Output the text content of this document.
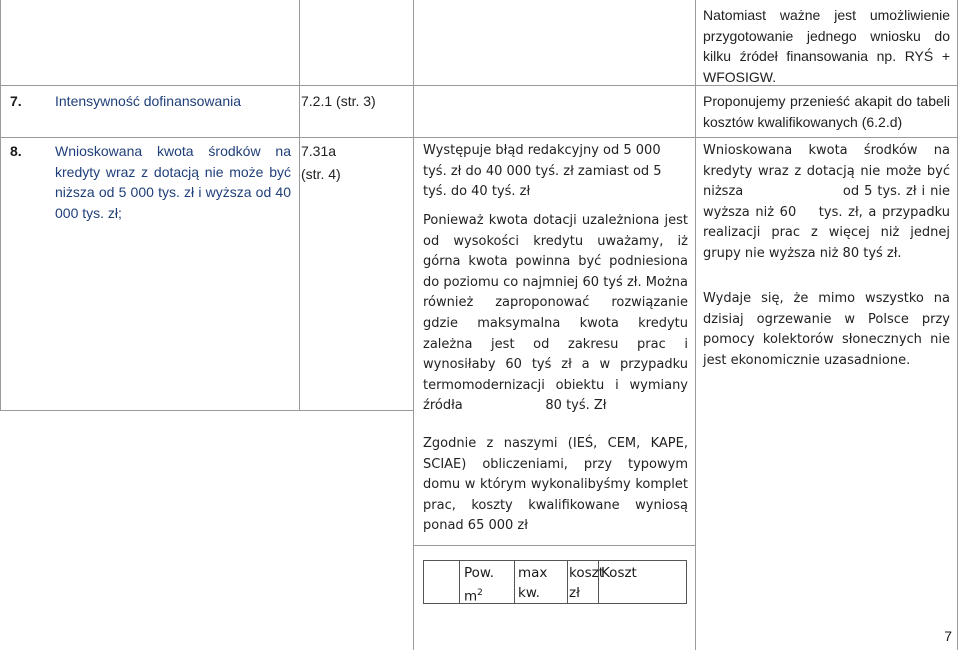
Natomiast ważne jest umożliwienie przygotowanie jednego wniosku do kilku źródeł finansowania np. RYŚ + WFOSIGW.
7. Intensywność dofinansowania	7.2.1 (str. 3)	Proponujemy przenieść akapit do tabeli kosztów kwalifikowanych (6.2.d)
8. Wnioskowana kwota środków na kredyty wraz z dotacją nie może być niższa od 5 000 tys. zł i wyższa od 40 000 tys. zł;
7.31a
(str. 4)
Występuje błąd redakcyjny od 5 000 tyś. zł do 40 000 tyś. zł zamiast od 5 tyś. do 40 tyś. zł
Ponieważ kwota dotacji uzależniona jest od wysokości kredytu uważamy, iż górna kwota powinna być podniesiona do poziomu co najmniej 60 tyś zł. Można również zaproponować rozwiązanie gdzie maksymalna kwota kredytu zależna jest od zakresu prac i wynosiłaby 60 tyś zł a w przypadku termomodernizacji obiektu i wymiany źródła                    80 tyś. Zł
Wnioskowana kwota środków na kredyty wraz z dotacją nie może być niższa                    od 5 tys. zł i nie wyższa niż 60    tys. zł, a przypadku realizacji prac z więcej niż jednej grupy nie wyższa niż 80 tyś zł.
Wydaje się, że mimo wszystko na dzisiaj ogrzewanie w Polsce przy pomocy kolektorów słonecznych nie jest ekonomicznie uzasadnione.
Zgodnie z naszymi (IEŚ, CEM, KAPE, SCIAE) obliczeniami, przy typowym domu w którym wykonalibyśmy komplet prac, koszty kwalifikowane wyniosą ponad 65 000 zł
Pow. $m^2$
max kw.
koszt zł
Koszt
7
